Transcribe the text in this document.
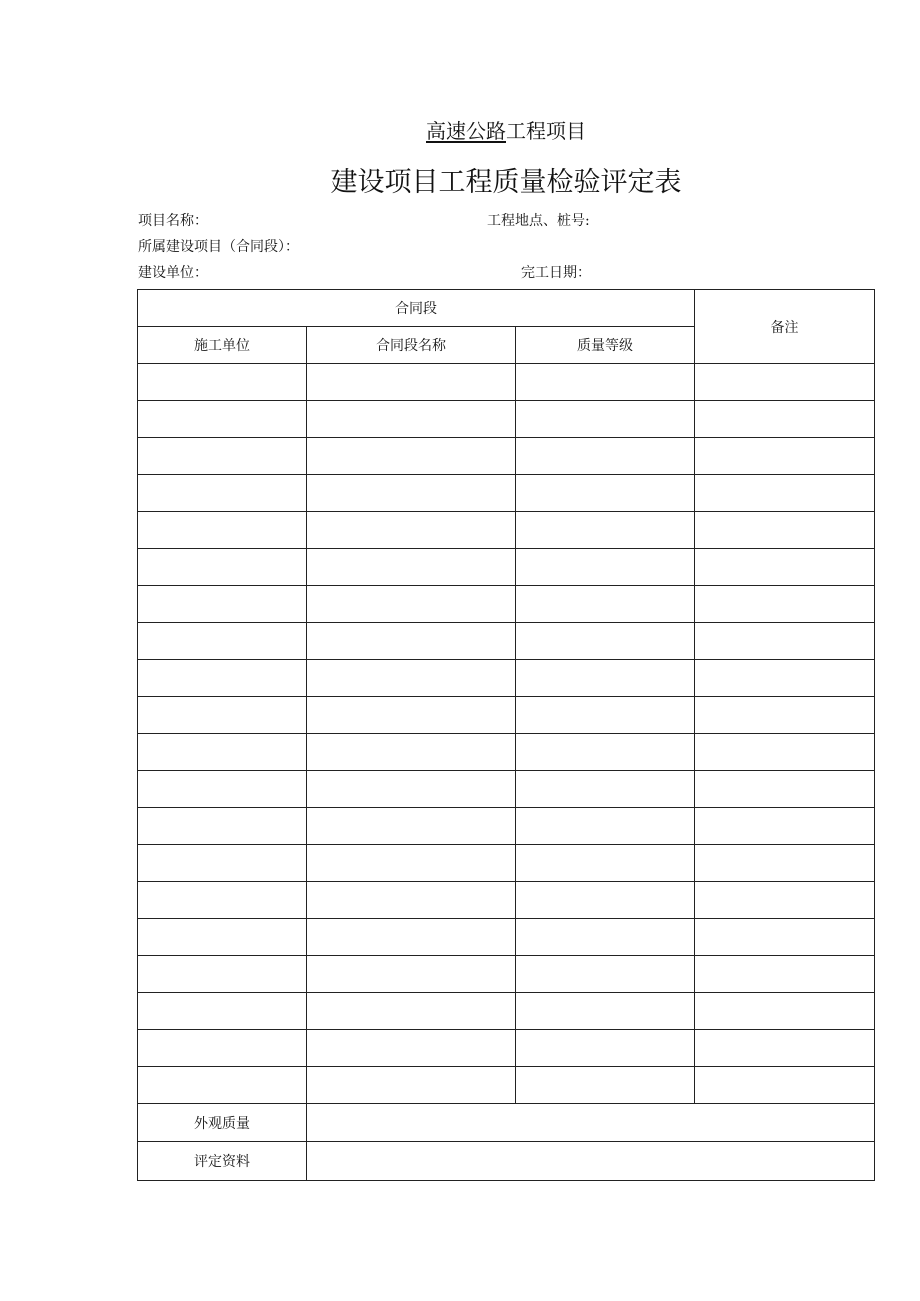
高速公路工程项目
建设项目工程质量检验评定表
项目名称：	工程地点、桩号:
所属建设项目（合同段）：
建设单位：	完工日期：
合同段			备注
施工单位	合同段名称	质量等级	

外观质量			
评定资料			
